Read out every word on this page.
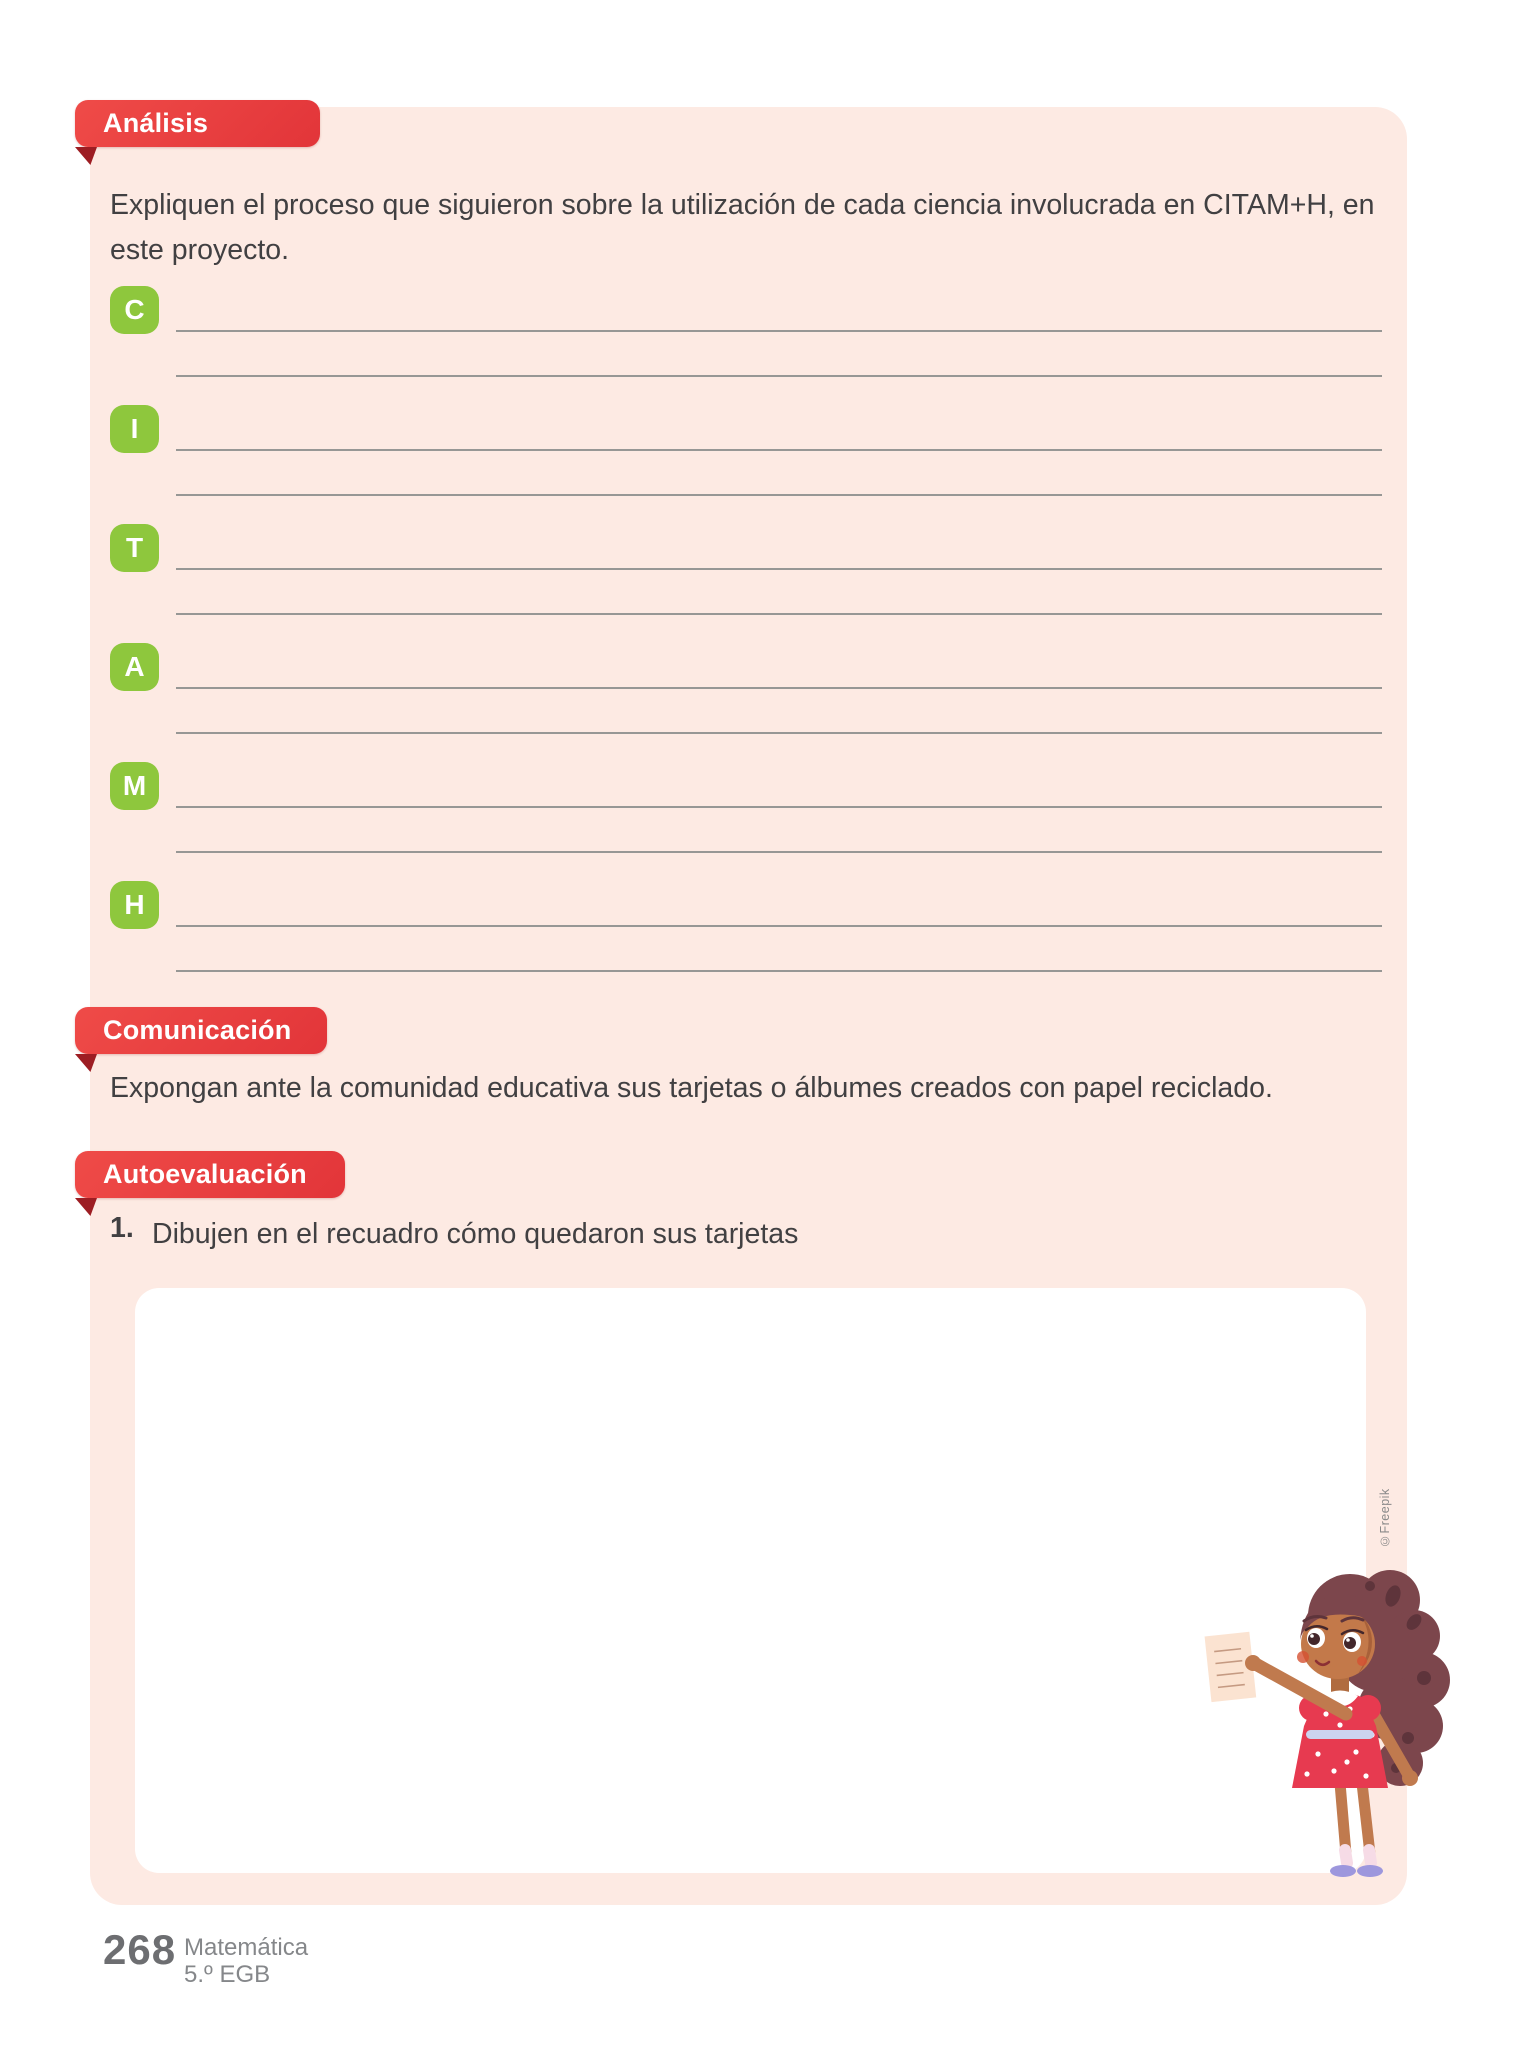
Análisis
Expliquen el proceso que siguieron sobre la utilización de cada ciencia involucrada en CITAM+H, en este proyecto.
C
I
T
A
M
H
Comunicación
Expongan ante la comunidad educativa sus tarjetas o álbumes creados con papel reciclado.
Autoevaluación
1. Dibujen en el recuadro cómo quedaron sus tarjetas
©Freepik
268 Matemática
5.º EGB
